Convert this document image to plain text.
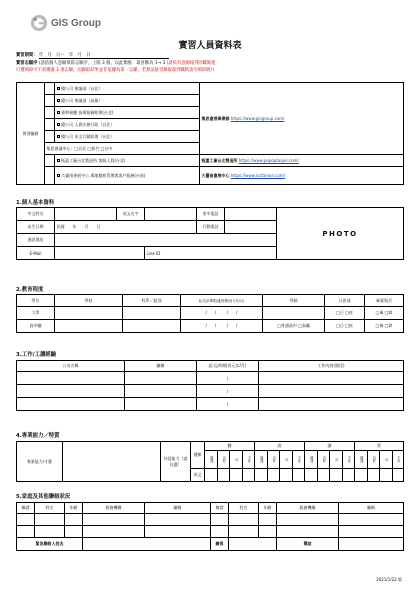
GIS Group
實習人員資料表
實習期間： 年　月　日～　年　月　日
實習志願序 (請依個人意願填寫志願序，上限 3 個，以此類推：最喜歡為 1→ 3 (請依有意願報到的職缺進
行選填即可不須選滿 3 項志願，因錄取結果並非依據為第一志願，若無法接受錄取報到職缺請勿填寫喔!)
實習職務		總公司 會議部（台北）	集思會展事業群 https://www.gisgroup.com/
		總公司 會議部（高雄）	
		嘉和視聽 技術服務助理(台北)	
		總公司 人資法務行政（台北）	
		總公司 英文行銷助理（台北）	
	集思會議中心：□台北 □新竹 □台中		
		瓶蓋工廠台北製造所 客服人員(台北)	瓶蓋工廠台北製造所 https://www.popoptaipei.com/
		大臺南會展中心 場地餐飲管理與客戶服務(台南)	大臺南會展中心 https://www.icctainan.com/
1.個人基本資料
中文姓名		英文名字		家中電話		PHOTO
出生日期	民國　　年　　月　　日			行動電話		
通訊地址						
E-Mail			Line ID			
2.教育程度
學位	學校	科系／組別	起-訖計畢業(通)時間(西元年/月)	學制	日夜部	畢業與否
大學			/　　/　　  /　　/		□日 □夜	□畢 □肄
高中職			/　　/　　  /　　/	□普通高中 □高職	□日 □夜	□畢 □肄
3.工作/工讀經驗
公司名稱	職稱	起-迄時間(西元年/月)	工作內容(簡述)
		/	
		/	
		/	
4.專業能力／特質
專業能力/才藝		外語能力（請勾選）	種類	聽				說				讀				寫			
				精通	良好	可	不佳	精通	良好	可	不佳	精通	良好	可	不佳	精通	良好	可	不佳
			英文																
5.家庭及其他聯絡狀況
稱謂	姓名	年齡	服務機構	職稱	稱謂	姓名	年齡	服務機構	職稱

緊急聯絡人姓名					關係			電話	
2021/1/22 版
